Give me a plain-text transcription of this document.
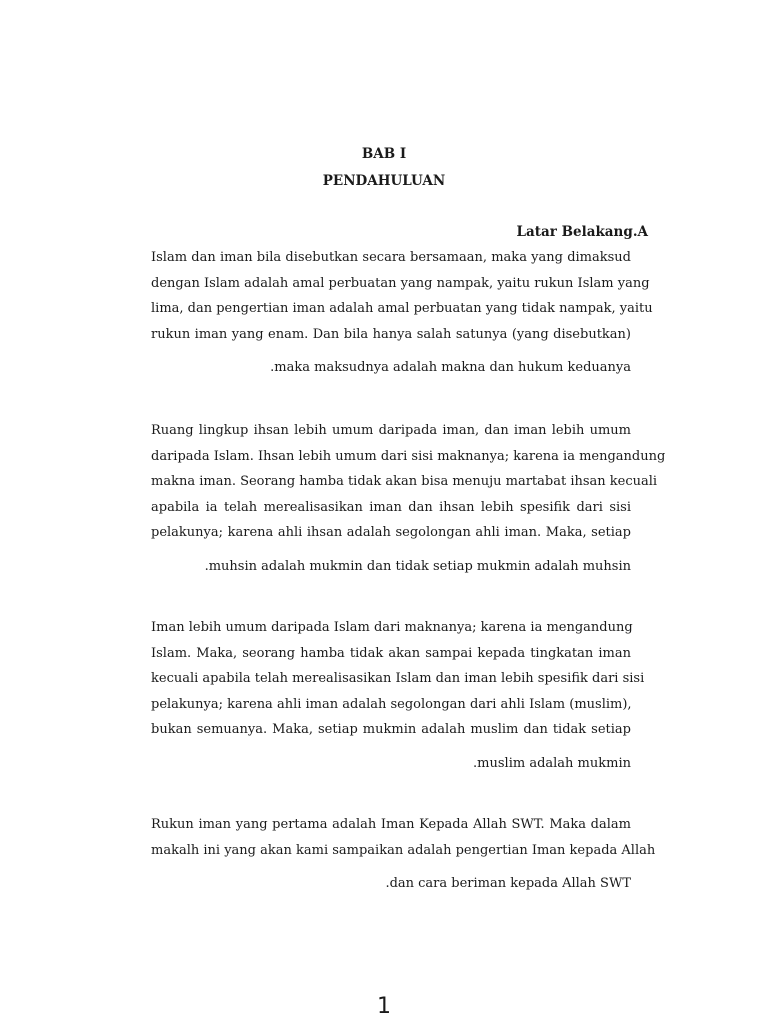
BAB I
PENDAHULUAN
Latar Belakang.A
Islam dan iman bila disebutkan secara bersamaan, maka yang dimaksud
dengan Islam adalah amal perbuatan yang nampak, yaitu rukun Islam yang
lima, dan pengertian iman adalah amal perbuatan yang tidak nampak, yaitu
rukun iman yang enam. Dan bila hanya salah satunya (yang disebutkan)
.maka maksudnya adalah makna dan hukum keduanya
Ruang lingkup ihsan lebih umum daripada iman, dan iman lebih umum
daripada Islam. Ihsan lebih umum dari sisi maknanya; karena ia mengandung
makna iman. Seorang hamba tidak akan bisa menuju martabat ihsan kecuali
apabila ia telah merealisasikan iman dan ihsan lebih spesifik dari sisi
pelakunya; karena ahli ihsan adalah segolongan ahli iman. Maka, setiap
.muhsin adalah mukmin dan tidak setiap mukmin adalah muhsin
Iman lebih umum daripada Islam dari maknanya; karena ia mengandung
Islam. Maka, seorang hamba tidak akan sampai kepada tingkatan iman
kecuali apabila telah merealisasikan Islam dan iman lebih spesifik dari sisi
pelakunya; karena ahli iman adalah segolongan dari ahli Islam (muslim),
bukan semuanya. Maka, setiap mukmin adalah muslim dan tidak setiap
.muslim adalah mukmin
Rukun iman yang pertama adalah Iman Kepada Allah SWT. Maka dalam
makalh ini yang akan kami sampaikan adalah pengertian Iman kepada Allah
.dan cara beriman kepada Allah SWT
1
